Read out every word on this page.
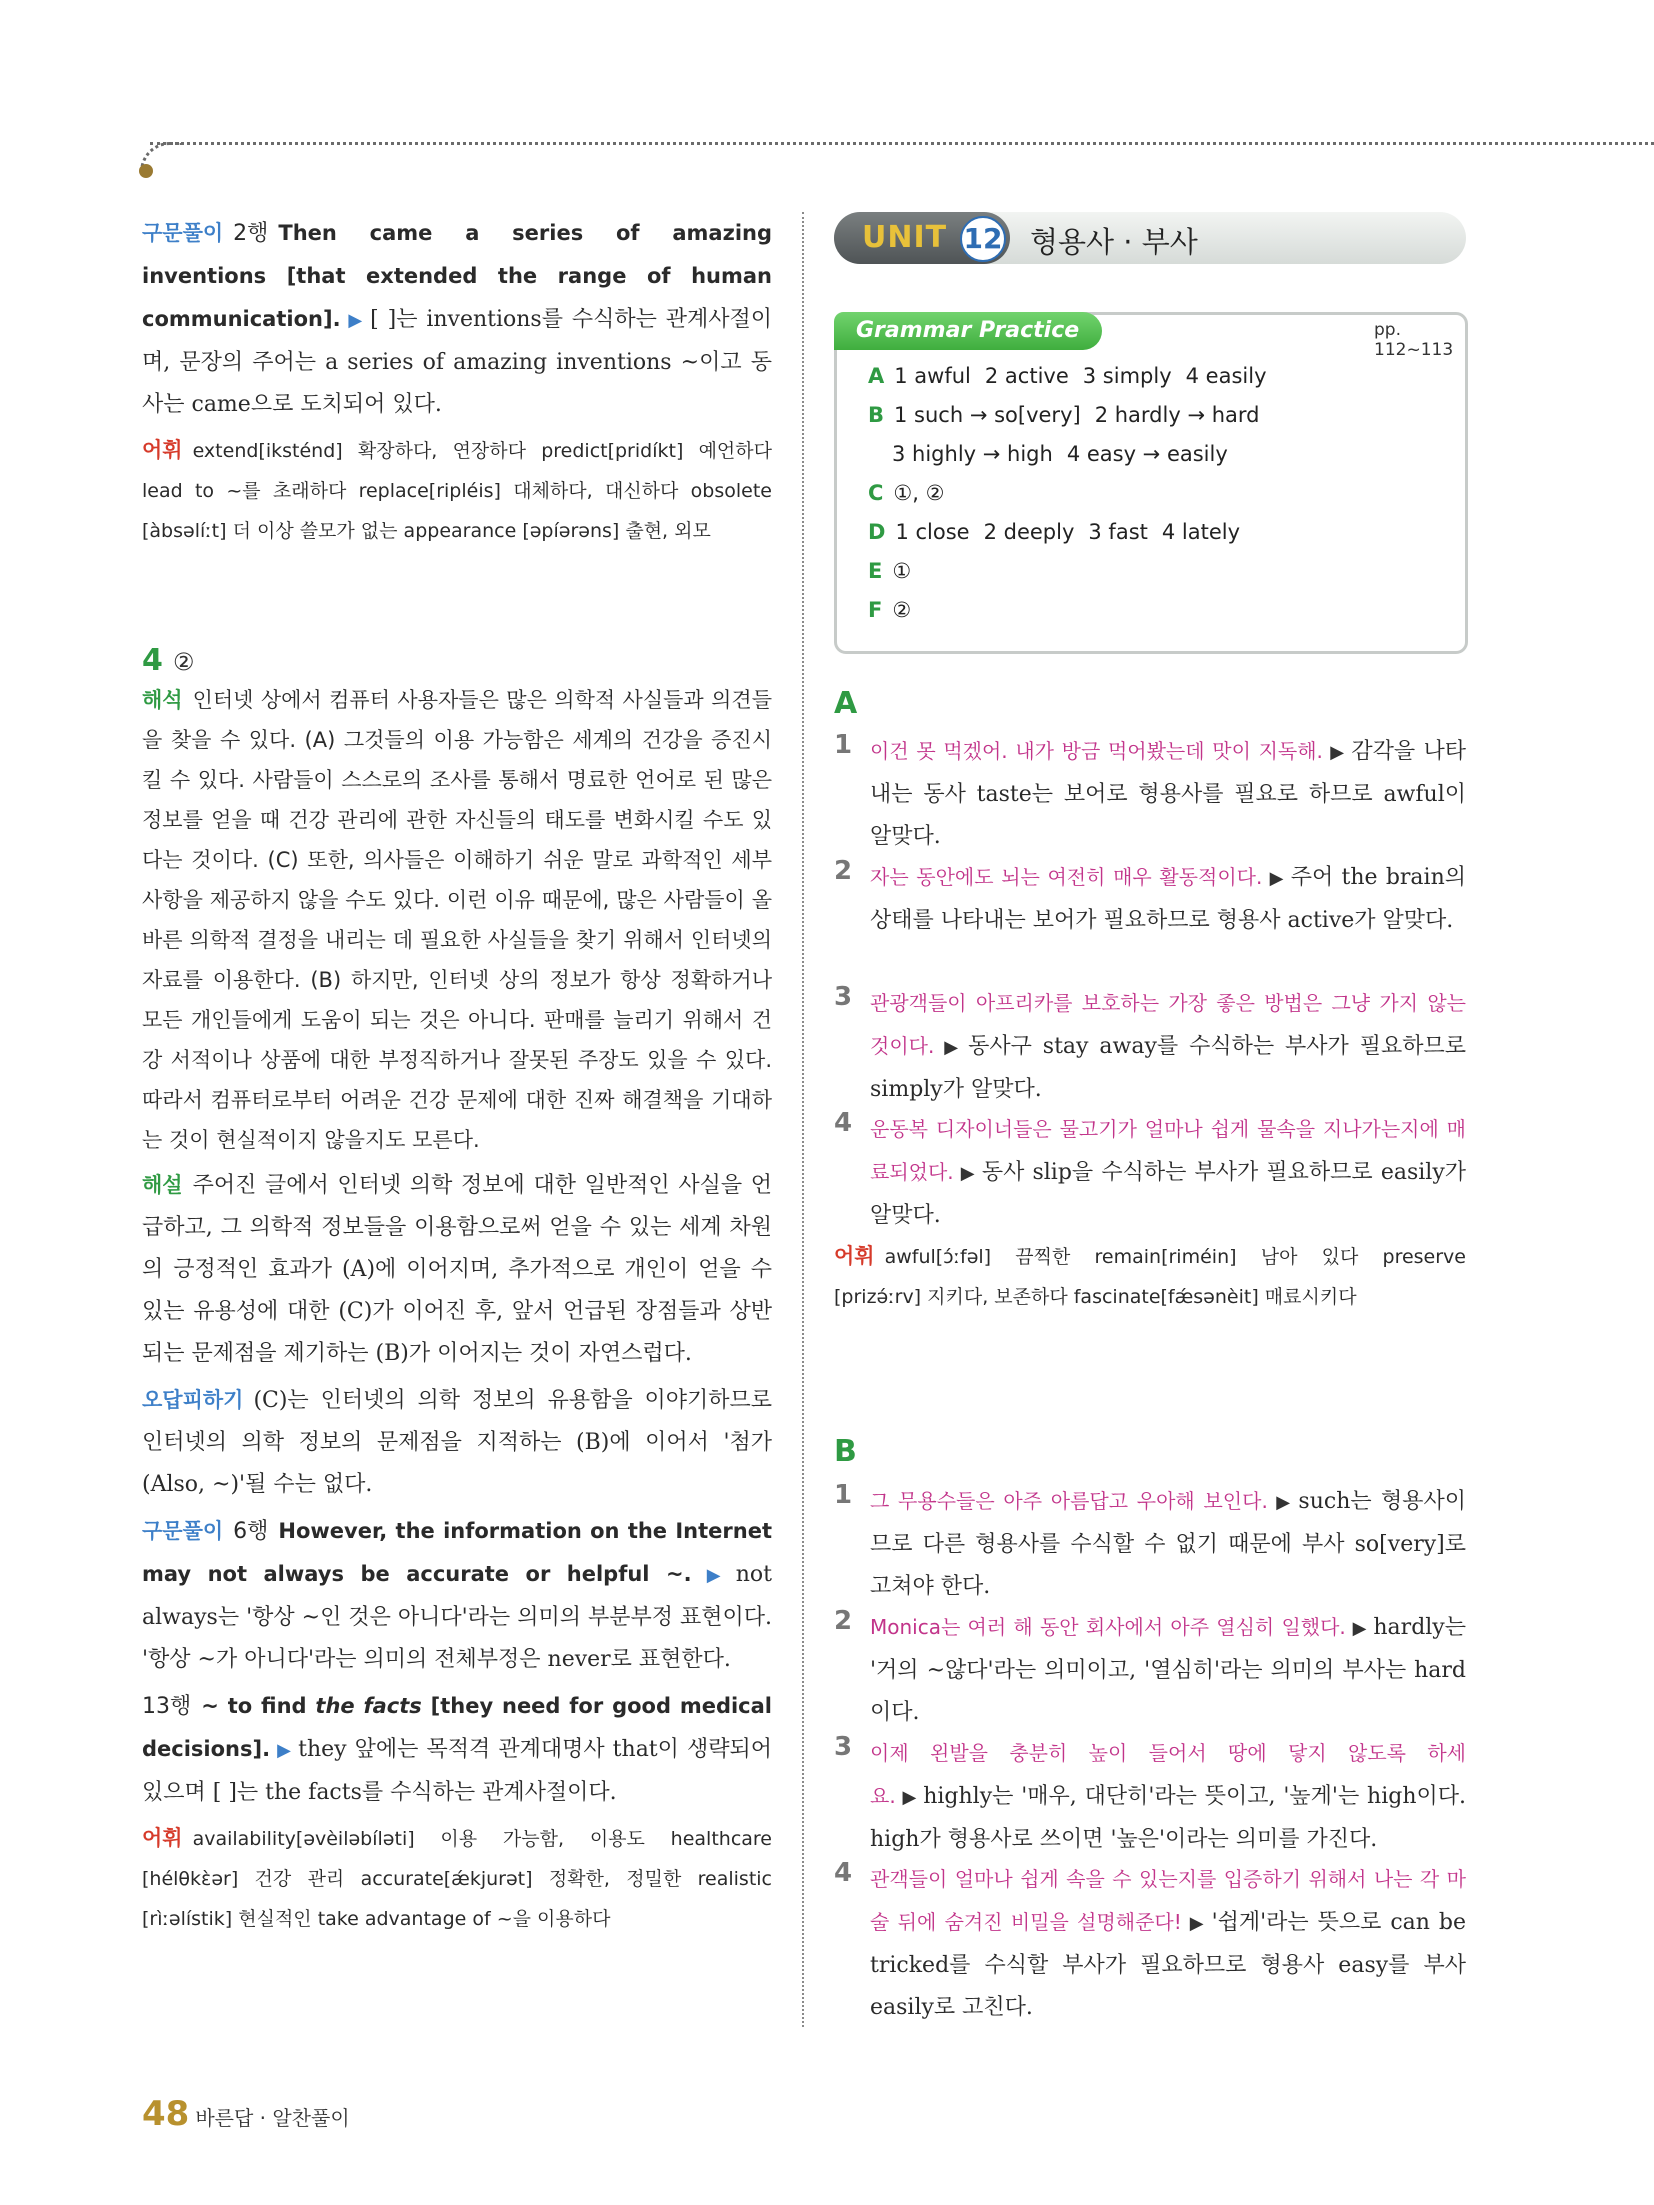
구문풀이 2행 Then came a series of amazing inventions [that extended the range of human communication]. ▶ [ ]는 inventions를 수식하는 관계사절이며, 문장의 주어는 a series of amazing inventions ~이고 동사는 came으로 도치되어 있다.

어휘 extend[iksténd] 확장하다, 연장하다 predict[pridíkt] 예언하다 lead to ~를 초래하다 replace[ripléis] 대체하다, 대신하다 obsolete [àbsəlíːt] 더 이상 쓸모가 없는 appearance [əpíərəns] 출현, 외모

4 ②

해석 인터넷 상에서 컴퓨터 사용자들은 많은 의학적 사실들과 의견들을 찾을 수 있다. (A) 그것들의 이용 가능함은 세계의 건강을 증진시킬 수 있다. 사람들이 스스로의 조사를 통해서 명료한 언어로 된 많은 정보를 얻을 때 건강 관리에 관한 자신들의 태도를 변화시킬 수도 있다는 것이다. (C) 또한, 의사들은 이해하기 쉬운 말로 과학적인 세부 사항을 제공하지 않을 수도 있다. 이런 이유 때문에, 많은 사람들이 올바른 의학적 결정을 내리는 데 필요한 사실들을 찾기 위해서 인터넷의 자료를 이용한다. (B) 하지만, 인터넷 상의 정보가 항상 정확하거나 모든 개인들에게 도움이 되는 것은 아니다. 판매를 늘리기 위해서 건강 서적이나 상품에 대한 부정직하거나 잘못된 주장도 있을 수 있다. 따라서 컴퓨터로부터 어려운 건강 문제에 대한 진짜 해결책을 기대하는 것이 현실적이지 않을지도 모른다.

해설 주어진 글에서 인터넷 의학 정보에 대한 일반적인 사실을 언급하고, 그 의학적 정보들을 이용함으로써 얻을 수 있는 세계 차원의 긍정적인 효과가 (A)에 이어지며, 추가적으로 개인이 얻을 수 있는 유용성에 대한 (C)가 이어진 후, 앞서 언급된 장점들과 상반되는 문제점을 제기하는 (B)가 이어지는 것이 자연스럽다.

오답피하기 (C)는 인터넷의 의학 정보의 유용함을 이야기하므로 인터넷의 의학 정보의 문제점을 지적하는 (B)에 이어서 '첨가(Also, ~)'될 수는 없다.

구문풀이 6행 However, the information on the Internet may not always be accurate or helpful ~. ▶ not always는 '항상 ~인 것은 아니다'라는 의미의 부분부정 표현이다. '항상 ~가 아니다'라는 의미의 전체부정은 never로 표현한다.

13행 ~ to find the facts [they need for good medical decisions]. ▶ they 앞에는 목적격 관계대명사 that이 생략되어 있으며 [ ]는 the facts를 수식하는 관계사절이다.

어휘 availability[əvèiləbíləti] 이용 가능함, 이용도 healthcare [hélθkɛ̀ər] 건강 관리 accurate[ǽkjurət] 정확한, 정밀한 realistic [rìːəlístik] 현실적인 take advantage of ~을 이용하다

UNIT 12 형용사 · 부사
Grammar Practice	pp. 112~113
A 1 awful 2 active 3 simply 4 easily
B 1 such → so[very] 2 hardly → hard
3 highly → high 4 easy → easily
C ①, ②
D 1 close 2 deeply 3 fast 4 lately
E ①
F ②
A
1 이건 못 먹겠어. 내가 방금 먹어봤는데 맛이 지독해. ▶ 감각을 나타내는 동사 taste는 보어로 형용사를 필요로 하므로 awful이 알맞다.
2 자는 동안에도 뇌는 여전히 매우 활동적이다. ▶ 주어 the brain의 상태를 나타내는 보어가 필요하므로 형용사 active가 알맞다.
3 관광객들이 아프리카를 보호하는 가장 좋은 방법은 그냥 가지 않는 것이다. ▶ 동사구 stay away를 수식하는 부사가 필요하므로 simply가 알맞다.
4 운동복 디자이너들은 물고기가 얼마나 쉽게 물속을 지나가는지에 매료되었다. ▶ 동사 slip을 수식하는 부사가 필요하므로 easily가 알맞다.

어휘 awful[ɔ́ːfəl] 끔찍한 remain[riméin] 남아 있다 preserve [prizə́ːrv] 지키다, 보존하다 fascinate[fǽsənèit] 매료시키다

B
1 그 무용수들은 아주 아름답고 우아해 보인다. ▶ such는 형용사이므로 다른 형용사를 수식할 수 없기 때문에 부사 so[very]로 고쳐야 한다.
2 Monica는 여러 해 동안 회사에서 아주 열심히 일했다. ▶ hardly는 '거의 ~않다'라는 의미이고, '열심히'라는 의미의 부사는 hard이다.
3 이제 왼발을 충분히 높이 들어서 땅에 닿지 않도록 하세요. ▶ highly는 '매우, 대단히'라는 뜻이고, '높게'는 high이다. high가 형용사로 쓰이면 '높은'이라는 의미를 가진다.
4 관객들이 얼마나 쉽게 속을 수 있는지를 입증하기 위해서 나는 각 마술 뒤에 숨겨진 비밀을 설명해준다! ▶ '쉽게'라는 뜻으로 can be tricked를 수식할 부사가 필요하므로 형용사 easy를 부사 easily로 고친다.
48 바른답 · 알찬풀이
